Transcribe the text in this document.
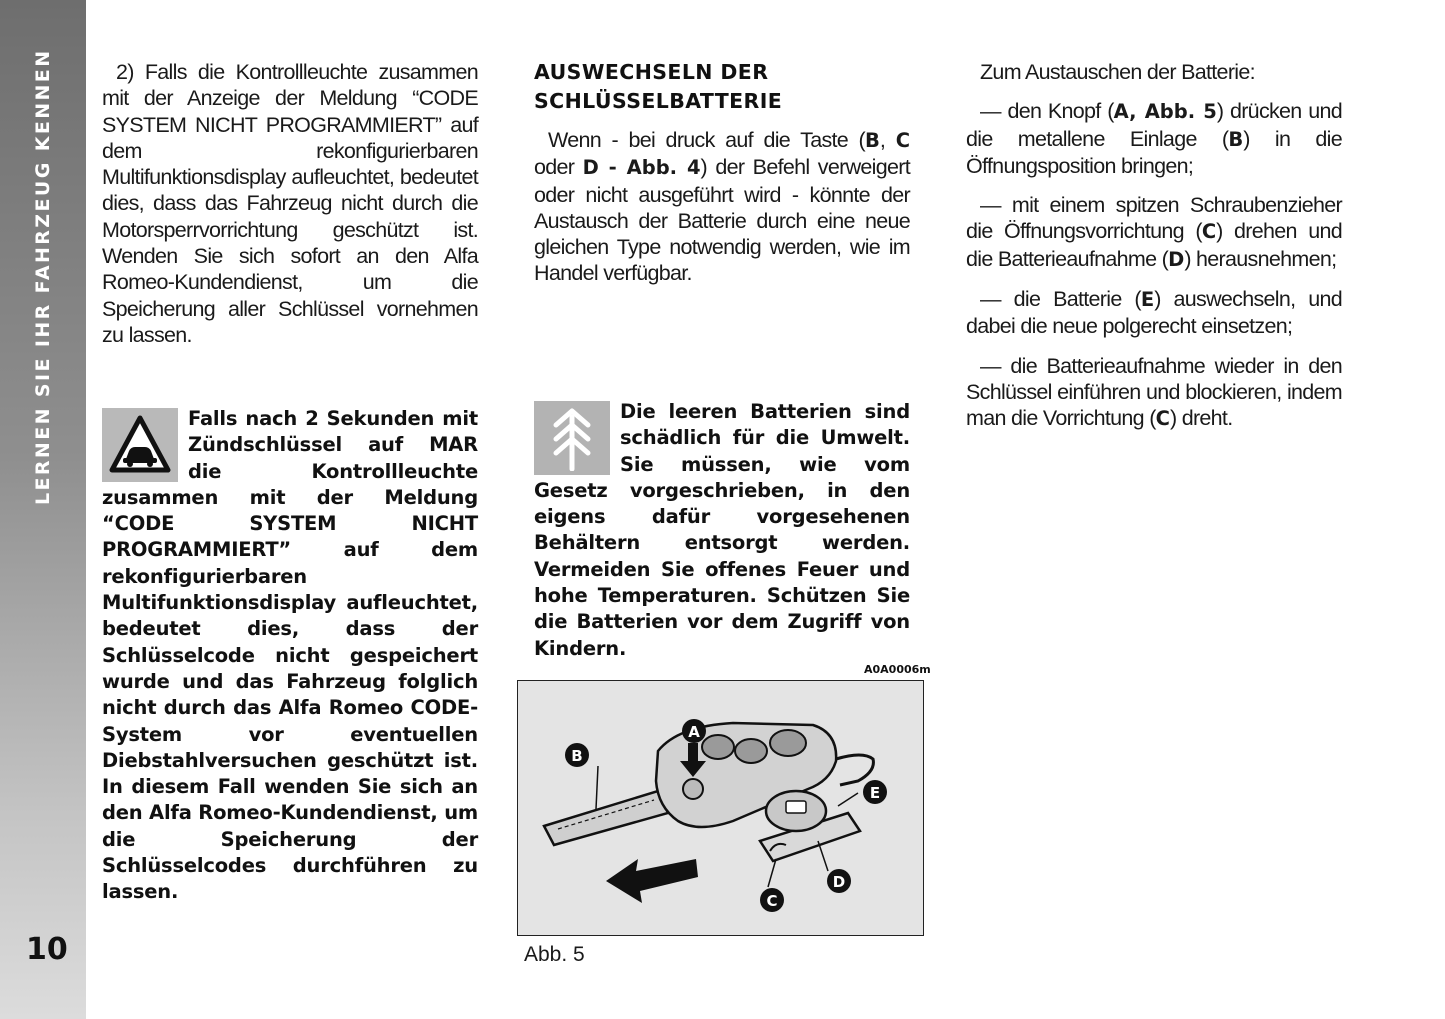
LERNEN SIE IHR FAHRZEUG KENNEN
10

2) Falls die Kontrollleuchte zusammen mit der Anzeige der Meldung “CODE SYSTEM NICHT PROGRAMMIERT” auf dem rekonfigurierbaren Multifunktionsdisplay aufleuchtet, bedeutet dies, dass das Fahrzeug nicht durch die Motorsperrvorrichtung geschützt ist. Wenden Sie sich sofort an den Alfa Romeo-Kundendienst, um die Speicherung aller Schlüssel vornehmen zu lassen.

Falls nach 2 Sekunden mit Zündschlüssel auf MAR die Kontrollleuchte zusammen mit der Meldung “CODE SYSTEM NICHT PROGRAMMIERT” auf dem rekonfigurierbaren Multifunktionsdisplay aufleuchtet, bedeutet dies, dass der Schlüsselcode nicht gespeichert wurde und das Fahrzeug folglich nicht durch das Alfa Romeo CODE-System vor eventuellen Diebstahlversuchen geschützt ist. In diesem Fall wenden Sie sich an den Alfa Romeo-Kundendienst, um die Speicherung der Schlüsselcodes durchführen zu lassen.
AUSWECHSELN DER
SCHLÜSSELBATTERIE

Wenn - bei druck auf die Taste (B, C oder D - Abb. 4) der Befehl verweigert oder nicht ausgeführt wird - könnte der Austausch der Batterie durch eine neue gleichen Type notwendig werden, wie im Handel verfügbar.

Die leeren Batterien sind schädlich für die Umwelt. Sie müssen, wie vom Gesetz vorgeschrieben, in den eigens dafür vorgesehenen Behältern entsorgt werden. Vermeiden Sie offenes Feuer und hohe Temperaturen. Schützen Sie die Batterien vor dem Zugriff von Kindern.
A0A0006m
A
B
C
D
E
Abb. 5

Zum Austauschen der Batterie:

— den Knopf (A, Abb. 5) drücken und die metallene Einlage (B) in die Öffnungsposition bringen;

— mit einem spitzen Schraubenzieher die Öffnungsvorrichtung (C) drehen und die Batterieaufnahme (D) herausnehmen;

— die Batterie (E) auswechseln, und dabei die neue polgerecht einsetzen;

— die Batterieaufnahme wieder in den Schlüssel einführen und blockieren, indem man die Vorrichtung (C) dreht.
